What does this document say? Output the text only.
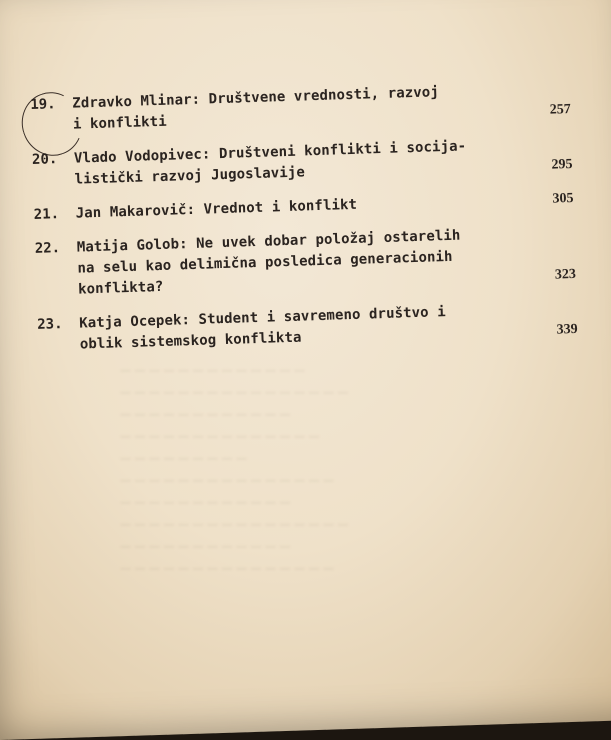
— — — — — — — — — — — — —
— — — — — — — — — — — — — — — —
— — — — — — — — — — — —
— — — — — — — — — — — — — —
— — — — — — — — —
— — — — — — — — — — — — — — —
— — — — — — — — — — — —
— — — — — — — — — — — — — — — —
— — — — — — — — — — — —
— — — — — — — — — — — — — — —
19.	Zdravko Mlinar: Društvene vrednosti, razvoj
i konflikti
257
20.	Vlado Vodopivec: Društveni konflikti i socija-
listički razvoj Jugoslavije	295
21.	Jan Makarovič: Vrednot i konflikt	305
22.	Matija Golob: Ne uvek dobar položaj ostarelih
na selu kao delimična posledica generacionih
konflikta?
323
23.	Katja Ocepek: Student i savremeno društvo i
oblik sistemskog konflikta	339
